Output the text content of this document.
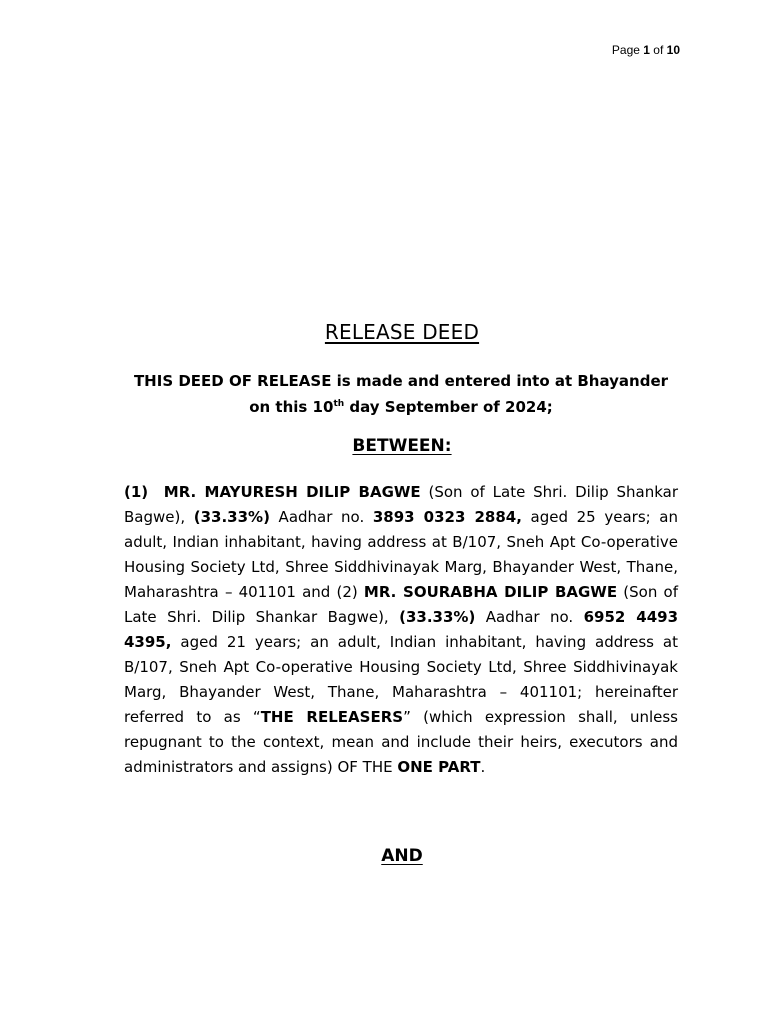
Page 1 of 10
RELEASE DEED
THIS DEED OF RELEASE is made and entered into at Bhayander on this 10th day September of 2024;
BETWEEN:
(1) MR. MAYURESH DILIP BAGWE (Son of Late Shri. Dilip Shankar Bagwe), (33.33%) Aadhar no. 3893 0323 2884, aged 25 years; an adult, Indian inhabitant, having address at B/107, Sneh Apt Co-operative Housing Society Ltd, Shree Siddhivinayak Marg, Bhayander West, Thane, Maharashtra – 401101 and (2) MR. SOURABHA DILIP BAGWE (Son of Late Shri. Dilip Shankar Bagwe), (33.33%) Aadhar no. 6952 4493 4395, aged 21 years; an adult, Indian inhabitant, having address at B/107, Sneh Apt Co-operative Housing Society Ltd, Shree Siddhivinayak Marg, Bhayander West, Thane, Maharashtra – 401101; hereinafter referred to as “THE RELEASERS” (which expression shall, unless repugnant to the context, mean and include their heirs, executors and administrators and assigns) OF THE ONE PART.
AND
